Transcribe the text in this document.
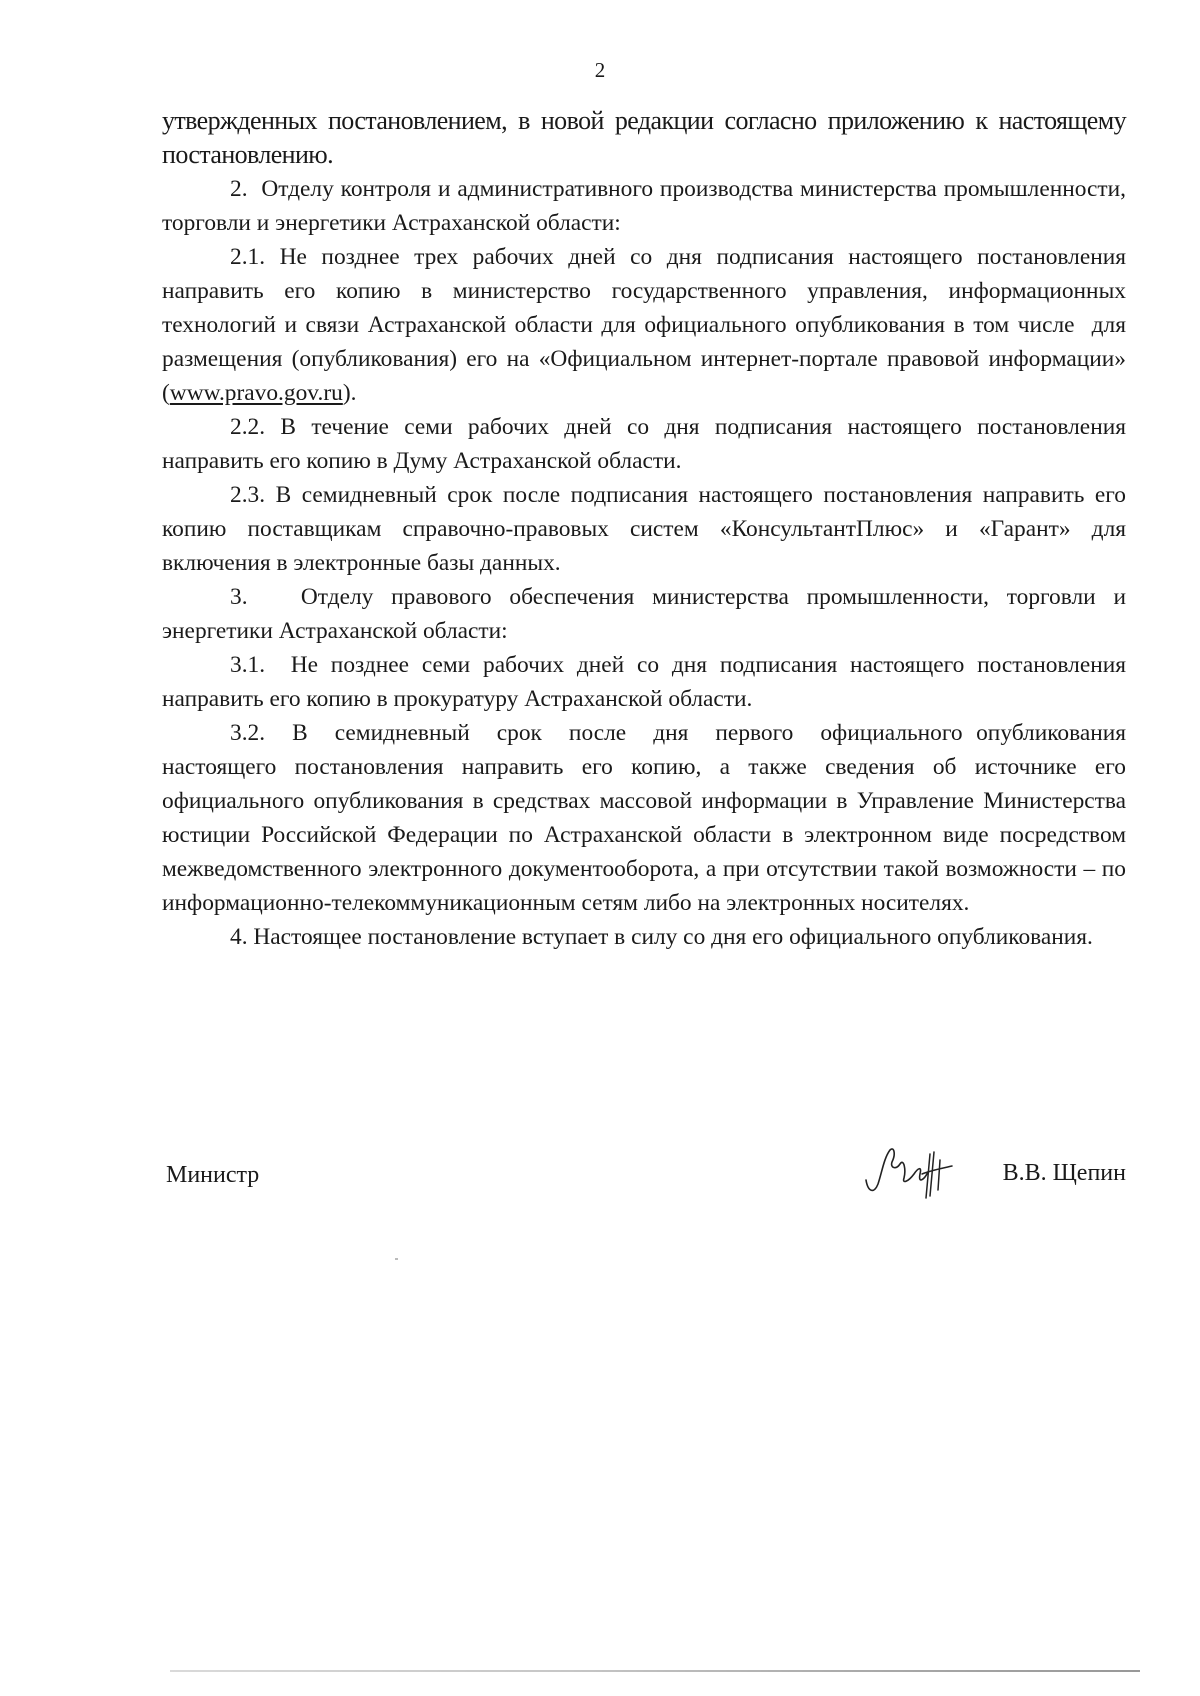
2

утвержденных постановлением, в новой редакции согласно приложению к настоящему постановлению.

2.  Отделу контроля и административного производства министерства промышленности, торговли и энергетики Астраханской области:

2.1. Не позднее трех рабочих дней со дня подписания настоящего постановления направить его копию в министерство государственного управления, информационных технологий и связи Астраханской области для официального опубликования в том числе  для размещения (опубликования) его на «Официальном интернет-портале правовой информации» (www.pravo.gov.ru).

2.2. В течение семи рабочих дней со дня подписания настоящего постановления направить его копию в Думу Астраханской области.

2.3. В семидневный срок после подписания настоящего постановления направить его копию поставщикам справочно-правовых систем «КонсультантПлюс» и «Гарант» для включения в электронные базы данных.

3.   Отделу правового обеспечения министерства промышленности, торговли и энергетики Астраханской области:

3.1.  Не позднее семи рабочих дней со дня подписания настоящего постановления направить его копию в прокуратуру Астраханской области.

3.2.  В  семидневный  срок  после  дня  первого  официального опубликования настоящего постановления направить его копию, а также сведения об источнике его официального опубликования в средствах массовой информации в Управление Министерства юстиции Российской Федерации по Астраханской области в электронном виде посредством межведомственного электронного документооборота, а при отсутствии такой возможности – по информационно-телекоммуникационным сетям либо на электронных носителях.

4. Настоящее постановление вступает в силу со дня его официального опубликования.

Министр	В.В. Щепин
